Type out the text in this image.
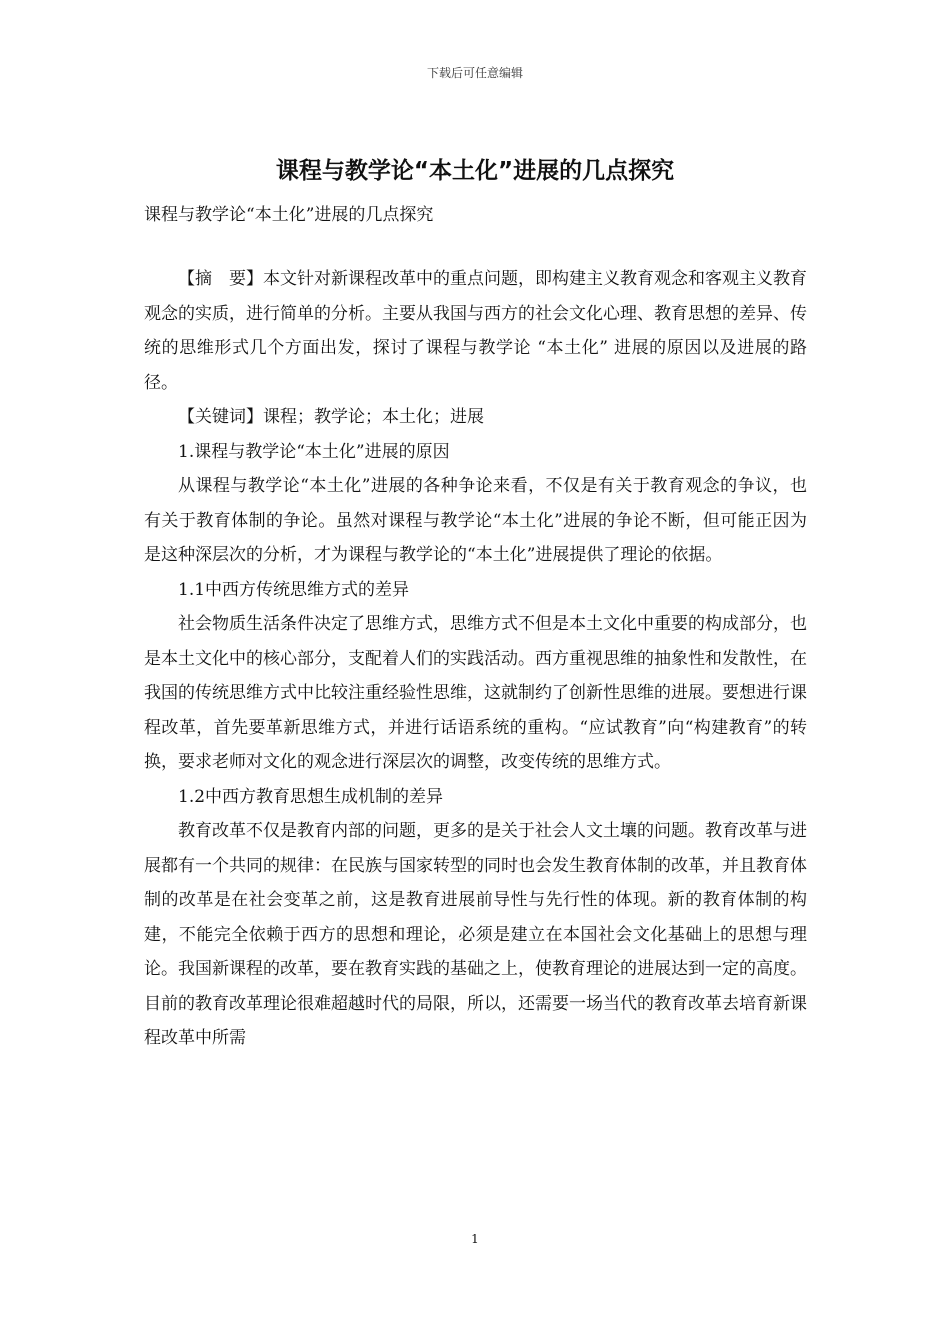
下载后可任意编辑
课程与教学论“本土化”进展的几点探究
课程与教学论“本土化”进展的几点探究

【摘　要】本文针对新课程改革中的重点问题，即构建主义教育观念和客观主义教育观念的实质，进行简单的分析。主要从我国与西方的社会文化心理、教育思想的差异、传统的思维形式几个方面出发，探讨了课程与教学论 “本土化” 进展的原因以及进展的路径。

【关键词】课程；教学论；本土化；进展

1.课程与教学论“本土化”进展的原因

从课程与教学论“本土化”进展的各种争论来看，不仅是有关于教育观念的争议，也有关于教育体制的争论。虽然对课程与教学论“本土化”进展的争论不断，但可能正因为是这种深层次的分析，才为课程与教学论的“本土化”进展提供了理论的依据。

1.1中西方传统思维方式的差异

社会物质生活条件决定了思维方式，思维方式不但是本土文化中重要的构成部分，也是本土文化中的核心部分，支配着人们的实践活动。西方重视思维的抽象性和发散性，在我国的传统思维方式中比较注重经验性思维，这就制约了创新性思维的进展。要想进行课程改革，首先要革新思维方式，并进行话语系统的重构。“应试教育”向“构建教育”的转换，要求老师对文化的观念进行深层次的调整，改变传统的思维方式。

1.2中西方教育思想生成机制的差异

教育改革不仅是教育内部的问题，更多的是关于社会人文土壤的问题。教育改革与进展都有一个共同的规律：在民族与国家转型的同时也会发生教育体制的改革，并且教育体制的改革是在社会变革之前，这是教育进展前导性与先行性的体现。新的教育体制的构建，不能完全依赖于西方的思想和理论，必须是建立在本国社会文化基础上的思想与理论。我国新课程的改革，要在教育实践的基础之上，使教育理论的进展达到一定的高度。目前的教育改革理论很难超越时代的局限，所以，还需要一场当代的教育改革去培育新课程改革中所需

1
